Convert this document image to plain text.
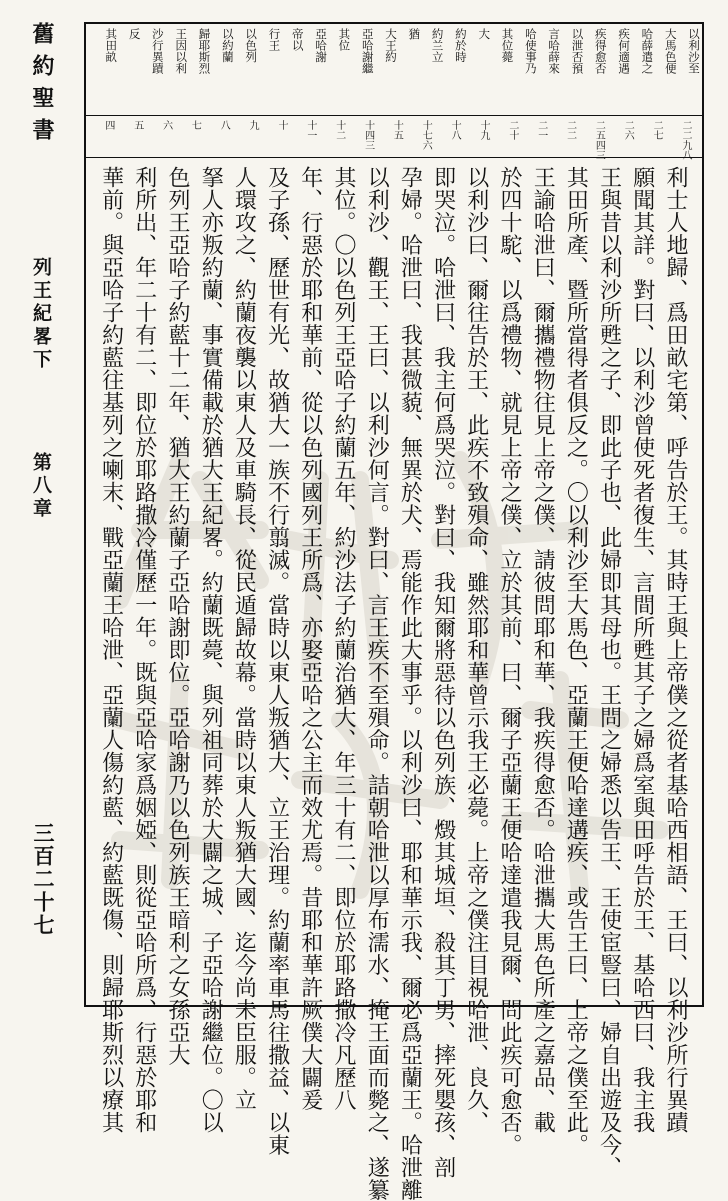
舊約聖書
列王紀畧下
第八章
三百二十七
以利沙至
大馬色便
哈薛遣之
疾何適遇
疾得愈否
以泄否預
言哈薛來
哈使事乃
其位薨
大
約於時
約兰立
猶
大王約
亞哈謝繼
其位
亞哈謝
帝以
行王
以色列
以約蘭
歸耶斯烈
王因以利
沙行異蹟
反
其田畝
二二九八
二七
二六
二五四三
二二
二一
二十
十九
十八
十七六
十五
十四三
十二
十一
十
九
八
七
六
五
四
利士人地歸、爲田畝宅第、呼告於王。其時王與上帝僕之從者基哈西相語、王曰、以利沙所行異蹟
願聞其詳。對曰、以利沙曾使死者復生、言間所甦其子之婦爲室與田呼告於王、基哈西曰、我主我
王與昔以利沙所甦之子、即此子也、此婦即其母也。王問之婦悉以告王、王使宦豎曰、婦自出遊及今、
其田所產、暨所當得者俱反之。〇以利沙至大馬色、亞蘭王便哈達遘疾、或告王曰、上帝之僕至此。
王諭哈泄曰、爾攜禮物往見上帝之僕、請彼問耶和華、我疾得愈否。哈泄攜大馬色所產之嘉品、載
於四十駝、以爲禮物、就見上帝之僕、立於其前、曰、爾子亞蘭王便哈達遣我見爾、問此疾可愈否。
以利沙曰、爾往告於王、此疾不致殞命、雖然耶和華曾示我王必薨。上帝之僕注目視哈泄、良久、
即哭泣。哈泄曰、我主何爲哭泣。對曰、我知爾將惡待以色列族、燬其城垣、殺其丁男、摔死嬰孩、剖
孕婦。哈泄曰、我甚微藐、無異於犬、焉能作此大事乎。以利沙曰、耶和華示我、爾必爲亞蘭王。哈泄離
以利沙、觀王、王曰、以利沙何言。對曰、言王疾不至殞命。詰朝哈泄以厚布濡水、掩王面而斃之、遂纂
其位。〇以色列王亞哈子約蘭五年、約沙法子約蘭治猶大、年三十有二、即位於耶路撒冷凡歷八
年、行惡於耶和華前、從以色列國列王所爲、亦娶亞哈之公主而效尤焉。昔耶和華許厥僕大闢爰
及子孫、歷世有光、故猶大一族不行翦滅。當時以東人叛猶大、立王治理。約蘭率車馬往撒益、以東
人環攻之、約蘭夜襲以東人及車騎長、從民遁歸故幕。當時以東人叛猶大國、迄今尚未臣服。立
拏人亦叛約蘭、事實備載於猶大王紀畧。約蘭既薨、與列祖同葬於大闢之城、子亞哈謝繼位。〇以
色列王亞哈子約藍十二年、猶大王約蘭子亞哈謝即位。亞哈謝乃以色列族王暗利之女孫亞大
利所出、年二十有二、即位於耶路撒冷僅歷一年。既與亞哈家爲姻婭、則從亞哈所爲、行惡於耶和
華前。與亞哈子約藍往基列之喇末、戰亞蘭王哈泄、亞蘭人傷約藍、約藍既傷、則歸耶斯烈以療其
